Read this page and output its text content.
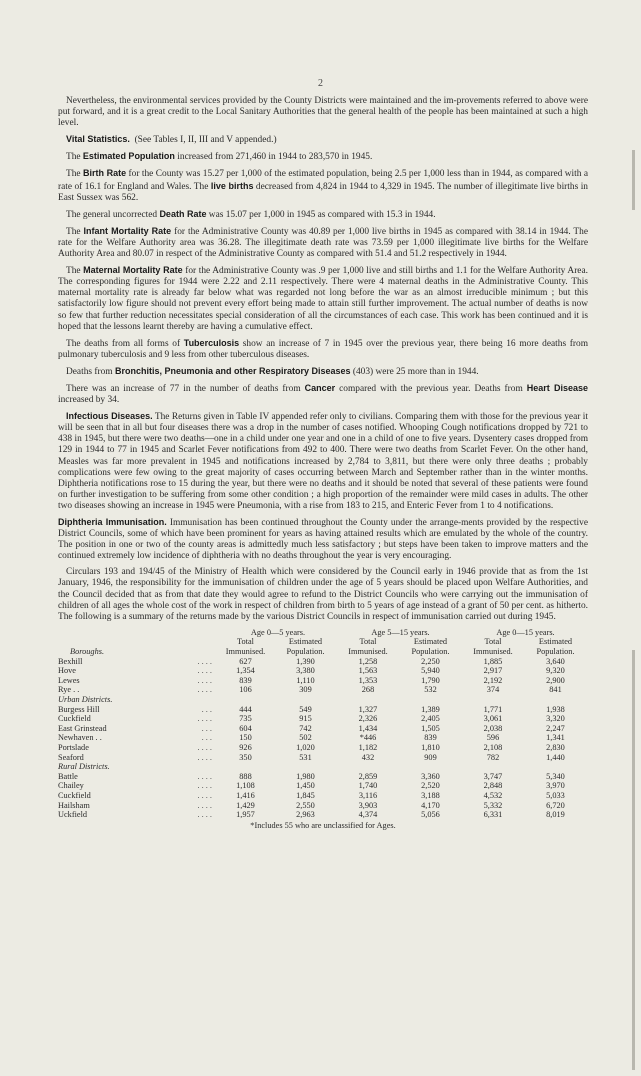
2

Nevertheless, the environmental services provided by the County Districts were maintained and the im-provements referred to above were put forward, and it is a great credit to the Local Sanitary Authorities that the general health of the people has been maintained at such a high level.

Vital Statistics. (See Tables I, II, III and V appended.)

The Estimated Population increased from 271,460 in 1944 to 283,570 in 1945.

The Birth Rate for the County was 15.27 per 1,000 of the estimated population, being 2.5 per 1,000 less than in 1944, as compared with a rate of 16.1 for England and Wales. The live births decreased from 4,824 in 1944 to 4,329 in 1945. The number of illegitimate live births in East Sussex was 562.

The general uncorrected Death Rate was 15.07 per 1,000 in 1945 as compared with 15.3 in 1944.

The Infant Mortality Rate for the Administrative County was 40.89 per 1,000 live births in 1945 as compared with 38.14 in 1944. The rate for the Welfare Authority area was 36.28. The illegitimate death rate was 73.59 per 1,000 illegitimate live births for the Welfare Authority Area and 80.07 in respect of the Administrative County as compared with 51.4 and 51.2 respectively in 1944.

The Maternal Mortality Rate for the Administrative County was .9 per 1,000 live and still births and 1.1 for the Welfare Authority Area. The corresponding figures for 1944 were 2.22 and 2.11 respectively. There were 4 maternal deaths in the Administrative County. This maternal mortality rate is already far below what was regarded not long before the war as an almost irreducible minimum ; but this satisfactorily low figure should not prevent every effort being made to attain still further improvement. The actual number of deaths is now so few that further reduction necessitates special consideration of all the circumstances of each case. This work has been continued and it is hoped that the lessons learnt thereby are having a cumulative effect.

The deaths from all forms of Tuberculosis show an increase of 7 in 1945 over the previous year, there being 16 more deaths from pulmonary tuberculosis and 9 less from other tuberculous diseases.

Deaths from Bronchitis, Pneumonia and other Respiratory Diseases (403) were 25 more than in 1944.

There was an increase of 77 in the number of deaths from Cancer compared with the previous year. Deaths from Heart Disease increased by 34.

Infectious Diseases. The Returns given in Table IV appended refer only to civilians. Comparing them with those for the previous year it will be seen that in all but four diseases there was a drop in the number of cases notified. Whooping Cough notifications dropped by 721 to 438 in 1945, but there were two deaths—one in a child under one year and one in a child of one to five years. Dysentery cases dropped from 129 in 1944 to 77 in 1945 and Scarlet Fever notifications from 492 to 400. There were two deaths from Scarlet Fever. On the other hand, Measles was far more prevalent in 1945 and notifications increased by 2,784 to 3,811, but there were only three deaths ; probably complications were few owing to the great majority of cases occurring between March and September rather than in the winter months. Diphtheria notifications rose to 15 during the year, but there were no deaths and it should be noted that several of these patients were found on further investigation to be suffering from some other condition ; a high proportion of the remainder were mild cases in adults. The other two diseases showing an increase in 1945 were Pneumonia, with a rise from 183 to 215, and Enteric Fever from 1 to 4 notifications.

Diphtheria Immunisation. Immunisation has been continued throughout the County under the arrange-ments provided by the respective District Councils, some of which have been prominent for years as having attained results which are emulated by the whole of the country. The position in one or two of the county areas is admittedly much less satisfactory ; but steps have been taken to improve matters and the continued extremely low incidence of diphtheria with no deaths throughout the year is very encouraging.

Circulars 193 and 194/45 of the Ministry of Health which were considered by the Council early in 1946 provide that as from the 1st January, 1946, the responsibility for the immunisation of children under the age of 5 years should be placed upon Welfare Authorities, and the Council decided that as from that date they would agree to refund to the District Councils who were carrying out the immunisation of children of all ages the whole cost of the work in respect of children from birth to 5 years of age instead of a grant of 50 per cent. as hitherto. The following is a summary of the returns made by the various District Councils in respect of immunisation carried out during 1945.

	Age 0—5 years.		Age 5—15 years.		Age 0—15 years.	
	Total	Estimated	Total	Estimated	Total	Estimated
Boroughs.	Immunised.	Population.	Immunised.	Population.	Immunised.	Population.
Bexhill . . . .	627	1,390	1,258	2,250	1,885	3,640
Hove . . . .	1,354	3,380	1,563	5,940	2,917	9,320
Lewes . . . .	839	1,110	1,353	1,790	2,192	2,900
Rye . . . . . .	106	309	268	532	374	841
Urban Districts.						
Burgess Hill . . .	444	549	1,327	1,389	1,771	1,938
Cuckfield . . . .	735	915	2,326	2,405	3,061	3,320
East Grinstead . . .	604	742	1,434	1,505	2,038	2,247
Newhaven . . . . .	150	502	*446	839	596	1,341
Portslade . . . .	926	1,020	1,182	1,810	2,108	2,830
Seaford . . . .	350	531	432	909	782	1,440
Rural Districts.						
Battle . . . .	888	1,980	2,859	3,360	3,747	5,340
Chailey . . . .	1,108	1,450	1,740	2,520	2,848	3,970
Cuckfield . . . .	1,416	1,845	3,116	3,188	4,532	5,033
Hailsham . . . .	1,429	2,550	3,903	4,170	5,332	6,720
Uckfield . . . .	1,957	2,963	4,374	5,056	6,331	8,019
*Includes 55 who are unclassified for Ages.
